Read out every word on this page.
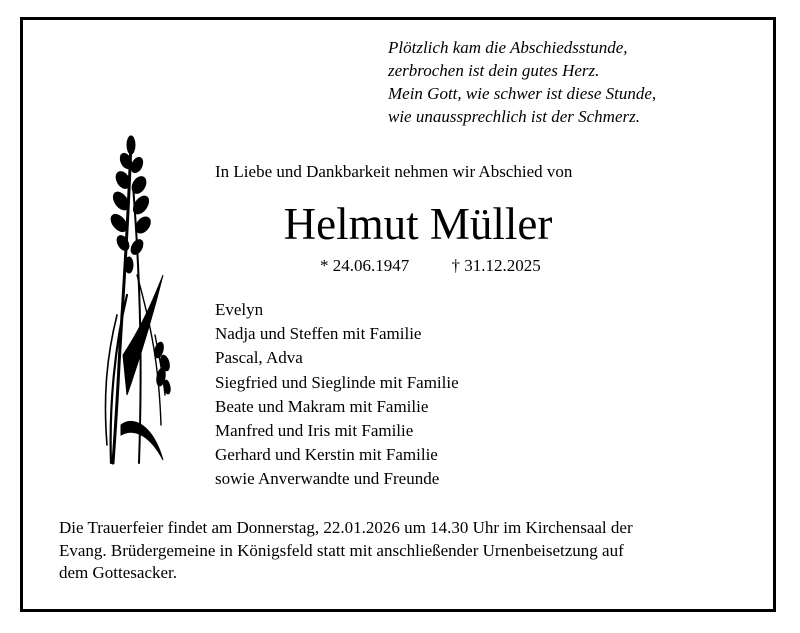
Plötzlich kam die Abschiedsstunde,
zerbrochen ist dein gutes Herz.
Mein Gott, wie schwer ist diese Stunde,
wie unaussprechlich ist der Schmerz.
In Liebe und Dankbarkeit nehmen wir Abschied von
Helmut Müller
* 24.06.1947 † 31.12.2025
Evelyn
Nadja und Steffen mit Familie
Pascal, Adva
Siegfried und Sieglinde mit Familie
Beate und Makram mit Familie
Manfred und Iris mit Familie
Gerhard und Kerstin mit Familie
sowie Anverwandte und Freunde
Die Trauerfeier findet am Donnerstag, 22.01.2026 um 14.30 Uhr im Kirchensaal der
Evang. Brüdergemeine in Königsfeld statt mit anschließender Urnenbeisetzung auf
dem Gottesacker.
